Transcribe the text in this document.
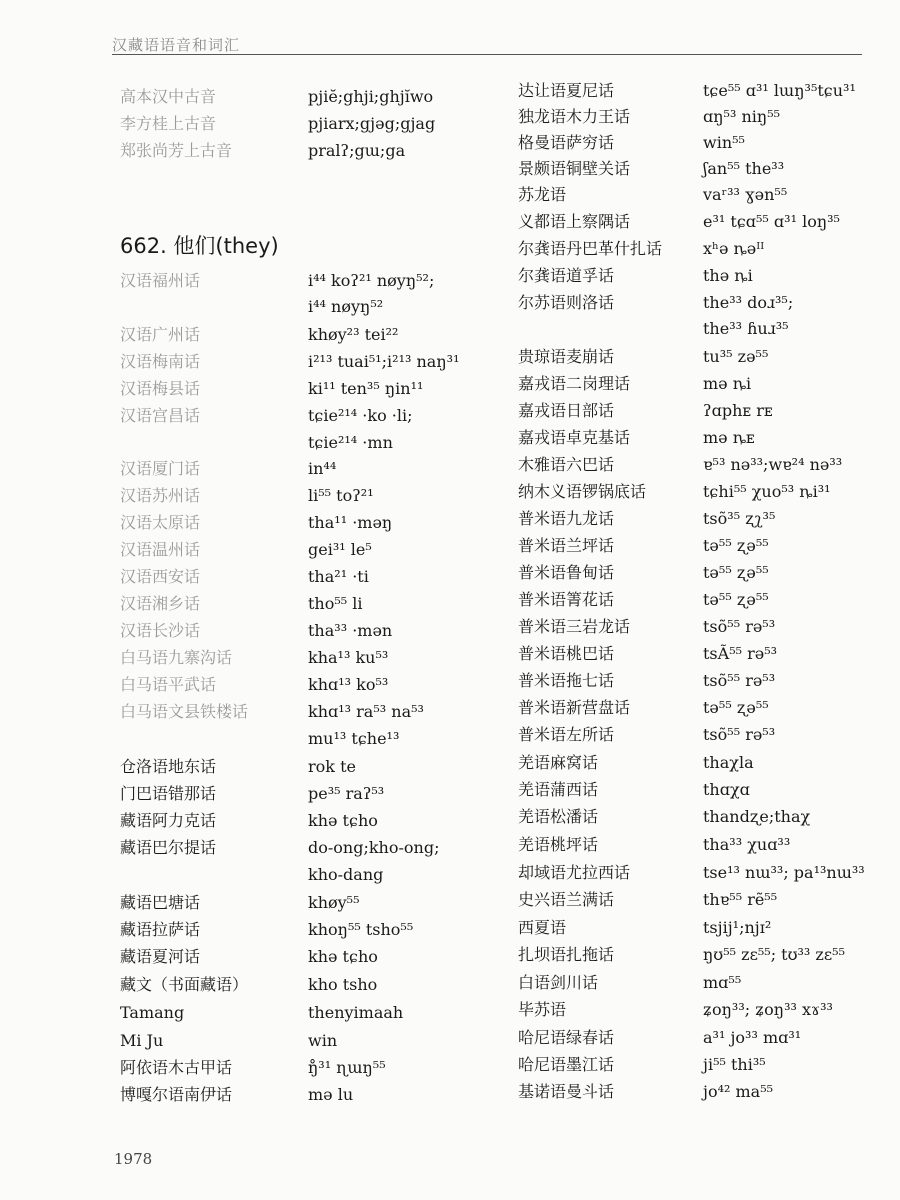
汉藏语语音和词汇
高本汉中古音	pjiĕ;ghji;ghjĭwo
李方桂上古音	pjiarx;gjəg;gjag
郑张尚芳上古音	pralʔ;gɯ;ga
662. 他们(they)
汉语福州话	i⁴⁴ koʔ²¹ nøyŋ⁵²;
i⁴⁴ nøyŋ⁵²
汉语广州话	khøy²³ tei²²
汉语梅南话	i²¹³ tuai⁵¹;i²¹³ naŋ³¹
汉语梅县话	ki¹¹ ten³⁵ ŋin¹¹
汉语宫昌话	tɕie²¹⁴ ·ko ·li;
tɕie²¹⁴ ·mn
汉语厦门话	in⁴⁴
汉语苏州话	li⁵⁵ toʔ²¹
汉语太原话	tha¹¹ ·məŋ
汉语温州话	gei³¹ le⁵
汉语西安话	tha²¹ ·ti
汉语湘乡话	tho⁵⁵ li
汉语长沙话	tha³³ ·mən
白马语九寨沟话	kha¹³ ku⁵³
白马语平武话	khɑ¹³ ko⁵³
白马语文县铁楼话	khɑ¹³ ra⁵³ na⁵³
mu¹³ tɕhe¹³
仓洛语地东话	rok te
门巴语错那话	pe³⁵ raʔ⁵³
藏语阿力克话	khə tɕho
藏语巴尔提话	do-ong;kho-ong;
kho-dang
藏语巴塘话	khøy⁵⁵
藏语拉萨话	khoŋ⁵⁵ tsho⁵⁵
藏语夏河话	khə tɕho
藏文（书面藏语）	kho tsho
Tamang	thenyimaah
Mi Ju	win
阿依语木古甲话	ŋ̊³¹ ɳɯŋ⁵⁵
博嘎尔语南伊话	mə lu
达让语夏尼话	tɕe⁵⁵ ɑ³¹ lɯŋ³⁵tɕu³¹
独龙语木力王话	ɑŋ⁵³ niŋ⁵⁵
格曼语萨穷话	win⁵⁵
景颇语铜壁关话	ʃan⁵⁵ the³³
苏龙语	vaʳ³³ ɣən⁵⁵
义都语上察隅话	e³¹ tɕɑ⁵⁵ ɑ³¹ loŋ³⁵
尔龚语丹巴革什扎话	xʰə ȵəᴵᴵ
尔龚语道孚话	thə ȵi
尔苏语则洛话	the³³ doɹ³⁵;
the³³ ɦuɹ³⁵
贵琼语麦崩话	tu³⁵ zə⁵⁵
嘉戎语二岗理话	mə ȵi
嘉戎语日部话	ʔɑphᴇ rᴇ
嘉戎语卓克基话	mə ȵᴇ
木雅语六巴话	ɐ⁵³ nə³³;wɐ²⁴ nə³³
纳木义语锣锅底话	tɕhi⁵⁵ χuo⁵³ ȵi³¹
普米语九龙话	tsõ³⁵ ʐʅ³⁵
普米语兰坪话	tə⁵⁵ ʐə⁵⁵
普米语鲁甸话	tə⁵⁵ ʐə⁵⁵
普米语箐花话	tə⁵⁵ ʐə⁵⁵
普米语三岩龙话	tsõ⁵⁵ rə⁵³
普米语桃巴话	tsÃ⁵⁵ rə⁵³
普米语拖七话	tsõ⁵⁵ rə⁵³
普米语新营盘话	tə⁵⁵ ʐə⁵⁵
普米语左所话	tsõ⁵⁵ rə⁵³
羌语麻窝话	thaχla
羌语蒲西话	thɑχɑ
羌语松潘话	thandʐe;thaχ
羌语桃坪话	tha³³ χuɑ³³
却域语尤拉西话	tse¹³ nɯ³³; pa¹³nɯ³³
史兴语兰满话	thɐ⁵⁵ rẽ⁵⁵
西夏语	tsjij¹;njɪ²
扎坝语扎拖话	ŋʊ⁵⁵ zɛ⁵⁵; tʊ³³ zɛ⁵⁵
白语剑川话	mɑ⁵⁵
毕苏语	ʑoŋ³³; ʑoŋ³³ xɤ³³
哈尼语绿春话	a³¹ jo³³ mɑ³¹
哈尼语墨江话	ji⁵⁵ thi³⁵
基诺语曼斗话	jo⁴² ma⁵⁵
1978
